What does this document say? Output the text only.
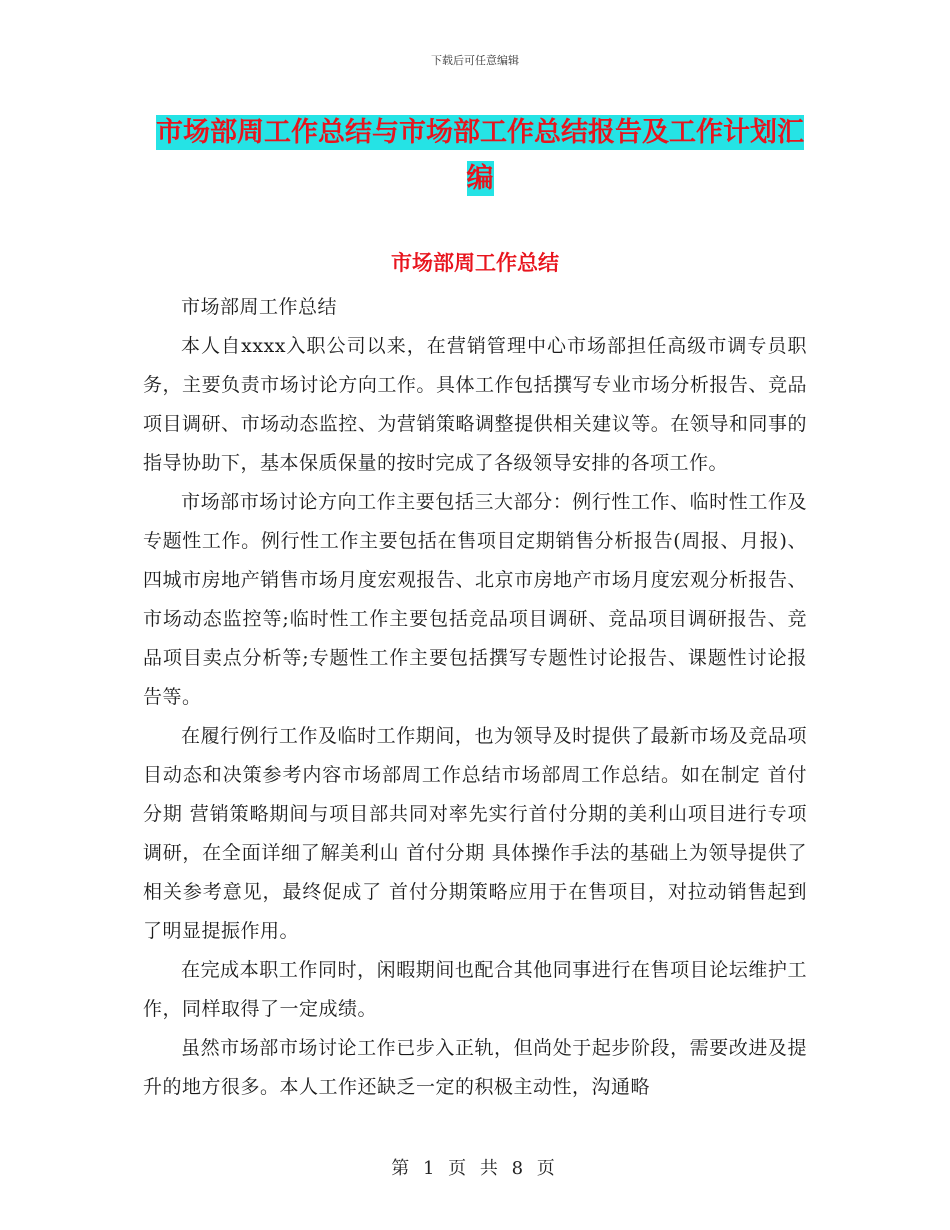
下载后可任意编辑
市场部周工作总结与市场部工作总结报告及工作计划汇编
市场部周工作总结

市场部周工作总结

本人自xxxx入职公司以来，在营销管理中心市场部担任高级市调专员职务，主要负责市场讨论方向工作。具体工作包括撰写专业市场分析报告、竞品项目调研、市场动态监控、为营销策略调整提供相关建议等。在领导和同事的指导协助下，基本保质保量的按时完成了各级领导安排的各项工作。

市场部市场讨论方向工作主要包括三大部分：例行性工作、临时性工作及专题性工作。例行性工作主要包括在售项目定期销售分析报告(周报、月报)、四城市房地产销售市场月度宏观报告、北京市房地产市场月度宏观分析报告、市场动态监控等;临时性工作主要包括竞品项目调研、竞品项目调研报告、竞品项目卖点分析等;专题性工作主要包括撰写专题性讨论报告、课题性讨论报告等。

在履行例行工作及临时工作期间，也为领导及时提供了最新市场及竞品项目动态和决策参考内容市场部周工作总结市场部周工作总结。如在制定 首付分期 营销策略期间与项目部共同对率先实行首付分期的美利山项目进行专项调研，在全面详细了解美利山 首付分期 具体操作手法的基础上为领导提供了相关参考意见，最终促成了 首付分期策略应用于在售项目，对拉动销售起到了明显提振作用。

在完成本职工作同时，闲暇期间也配合其他同事进行在售项目论坛维护工作，同样取得了一定成绩。

虽然市场部市场讨论工作已步入正轨，但尚处于起步阶段，需要改进及提升的地方很多。本人工作还缺乏一定的积极主动性，沟通略

第 1 页 共 8 页
